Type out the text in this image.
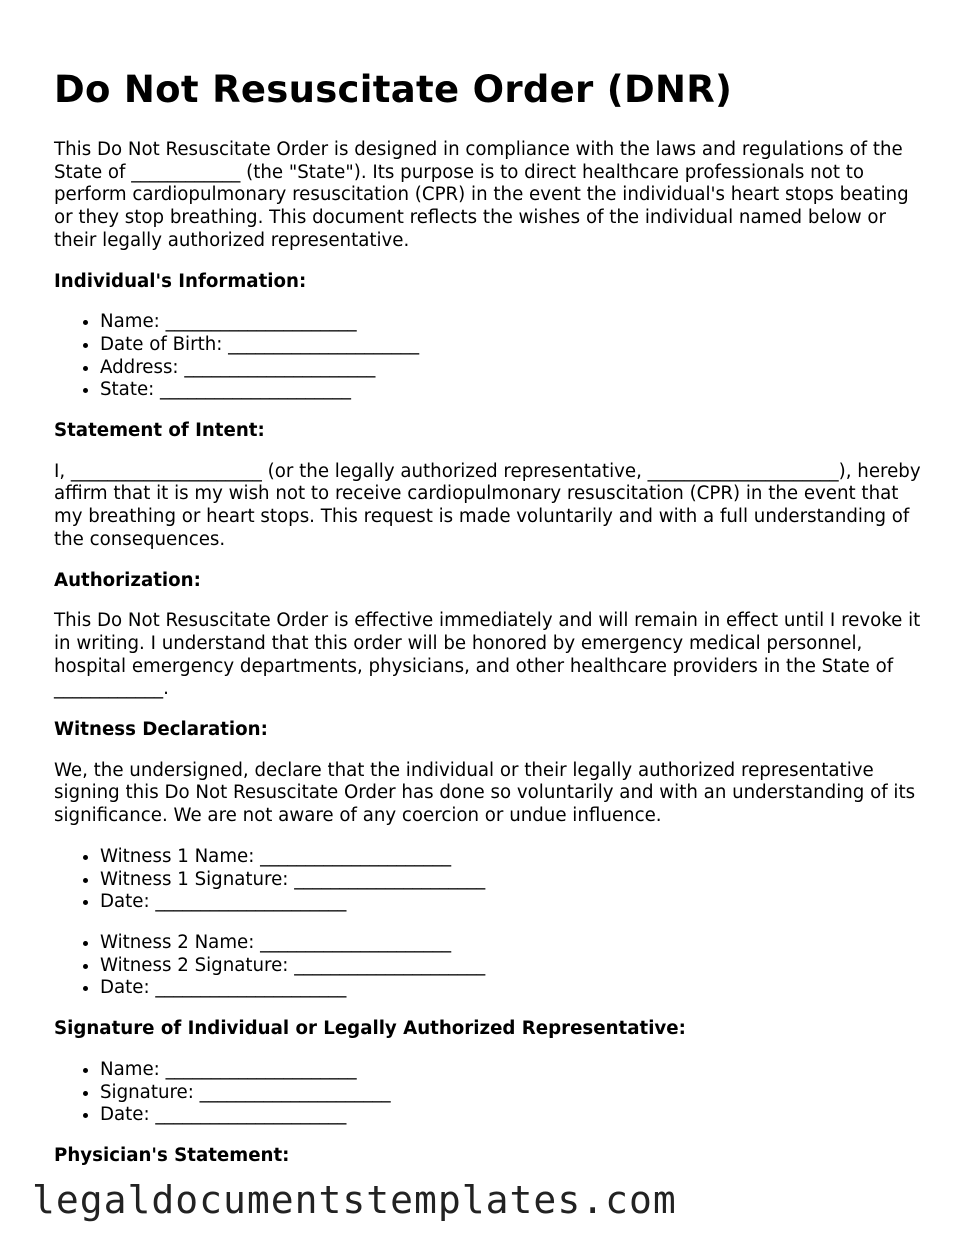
Do Not Resuscitate Order (DNR)

This Do Not Resuscitate Order is designed in compliance with the laws and regulations of the State of ____________ (the "State"). Its purpose is to direct healthcare professionals not to perform cardiopulmonary resuscitation (CPR) in the event the individual's heart stops beating or they stop breathing. This document reflects the wishes of the individual named below or their legally authorized representative.

Individual's Information:
• Name: _____________________
• Date of Birth: _____________________
• Address: _____________________
• State: _____________________
Statement of Intent:

I, _____________________ (or the legally authorized representative, _____________________), hereby affirm that it is my wish not to receive cardiopulmonary resuscitation (CPR) in the event that my breathing or heart stops. This request is made voluntarily and with a full understanding of the consequences.

Authorization:

This Do Not Resuscitate Order is effective immediately and will remain in effect until I revoke it in writing. I understand that this order will be honored by emergency medical personnel, hospital emergency departments, physicians, and other healthcare providers in the State of ____________.

Witness Declaration:

We, the undersigned, declare that the individual or their legally authorized representative signing this Do Not Resuscitate Order has done so voluntarily and with an understanding of its significance. We are not aware of any coercion or undue influence.

• Witness 1 Name: _____________________
• Witness 1 Signature: _____________________
• Date: _____________________
• Witness 2 Name: _____________________
• Witness 2 Signature: _____________________
• Date: _____________________
Signature of Individual or Legally Authorized Representative:
• Name: _____________________
• Signature: _____________________
• Date: _____________________
Physician's Statement:
legaldocumentstemplates.com
